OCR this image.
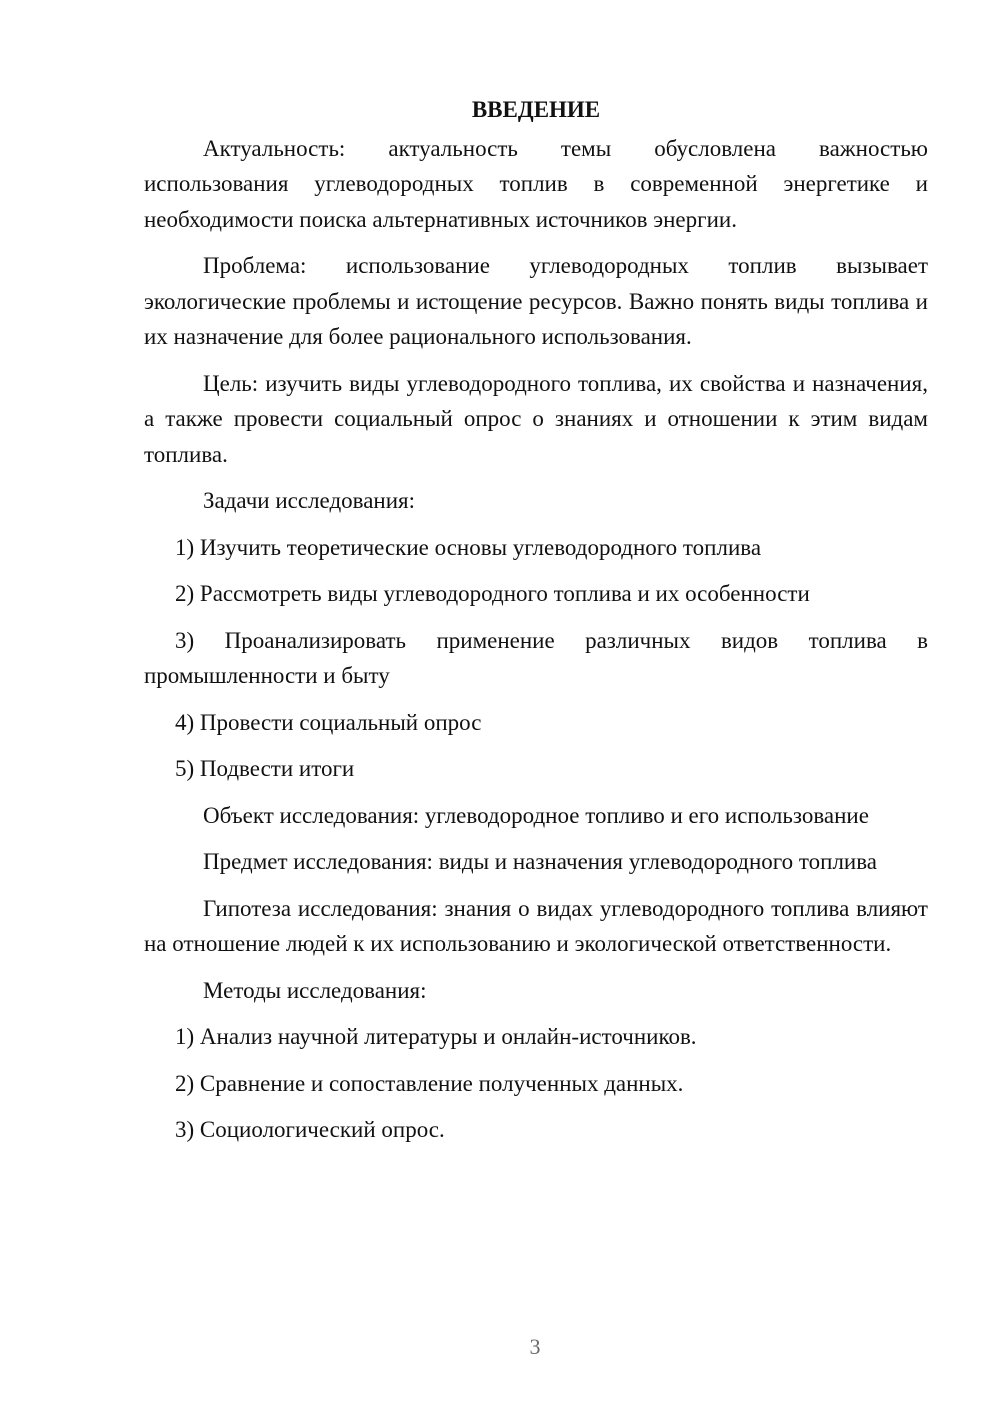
ВВЕДЕНИЕ

Актуальность: актуальность темы обусловлена важностью использования углеводородных топлив в современной энергетике и необходимости поиска альтернативных источников энергии.

Проблема: использование углеводородных топлив вызывает экологические проблемы и истощение ресурсов. Важно понять виды топлива и их назначение для более рационального использования.

Цель: изучить виды углеводородного топлива, их свойства и назначения, а также провести социальный опрос о знаниях и отношении к этим видам топлива.

Задачи исследования:

1) Изучить теоретические основы углеводородного топлива

2) Рассмотреть виды углеводородного топлива и их особенности

3) Проанализировать применение различных видов топлива в промышленности и быту

4) Провести социальный опрос

5) Подвести итоги

Объект исследования: углеводородное топливо и его использование

Предмет исследования: виды и назначения углеводородного топлива

Гипотеза исследования: знания о видах углеводородного топлива влияют на отношение людей к их использованию и экологической ответственности.

Методы исследования:

1) Анализ научной литературы и онлайн-источников.

2) Сравнение и сопоставление полученных данных.

3) Социологический опрос.

3
